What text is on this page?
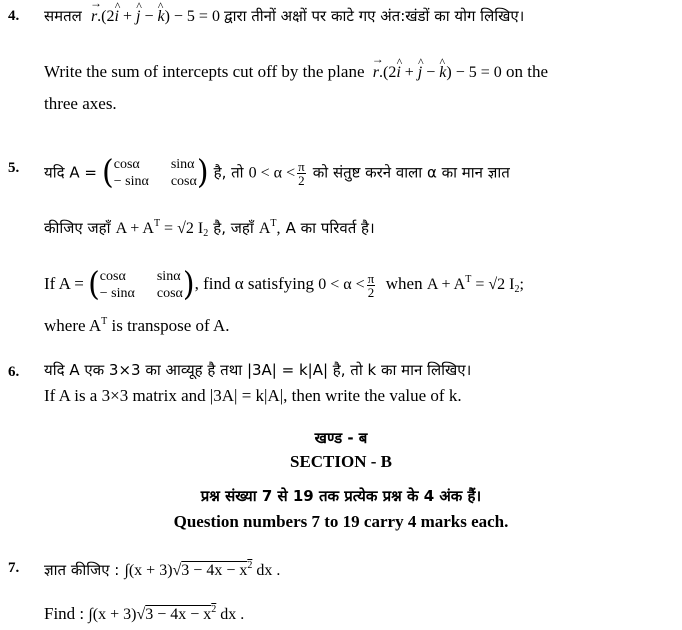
4. समतल → r.(2^ i + ^ j − ^ k) − 5 = 0 द्वारा तीनों अक्षों पर काटे गए अंत:खंडों का योग लिखिए।
Write the sum of intercepts cut off by the plane → r.(2^ i + ^ j − ^ k) − 5 = 0 on the
three axes.
5. यदि A = ( cosα	sinα
− sinα cosα ) है, तो $0 < \alpha < \frac{\pi}{2}$ को संतुष्ट करने वाला α का मान ज्ञात
कीजिए जहाँ $A + A^T = √2$ $I_2$ है, जहाँ $A^T$, A का परिवर्त है।
If A = ( cosα	sinα
− sinα cosα ), find α satisfying $0 < \alpha < \frac{\pi}{2}$ when $A + A^T = √2$ $I_2$;
where $A^T$ is transpose of A.
6. यदि A एक 3×3 का आव्यूह है तथा |3A| = k|A| है, तो k का मान लिखिए।
If A is a 3×3 matrix and |3A| = k|A|, then write the value of k.
खण्ड - ब
SECTION - B
प्रश्न संख्या 7 से 19 तक प्रत्येक प्रश्न के 4 अंक हैं।
Question numbers 7 to 19 carry 4 marks each.
7. ज्ञात कीजिए : $\int(x + 3)√3 - 4x - x^2$ dx .
Find : $\int(x + 3)√3 - 4x - x^2$ dx .
